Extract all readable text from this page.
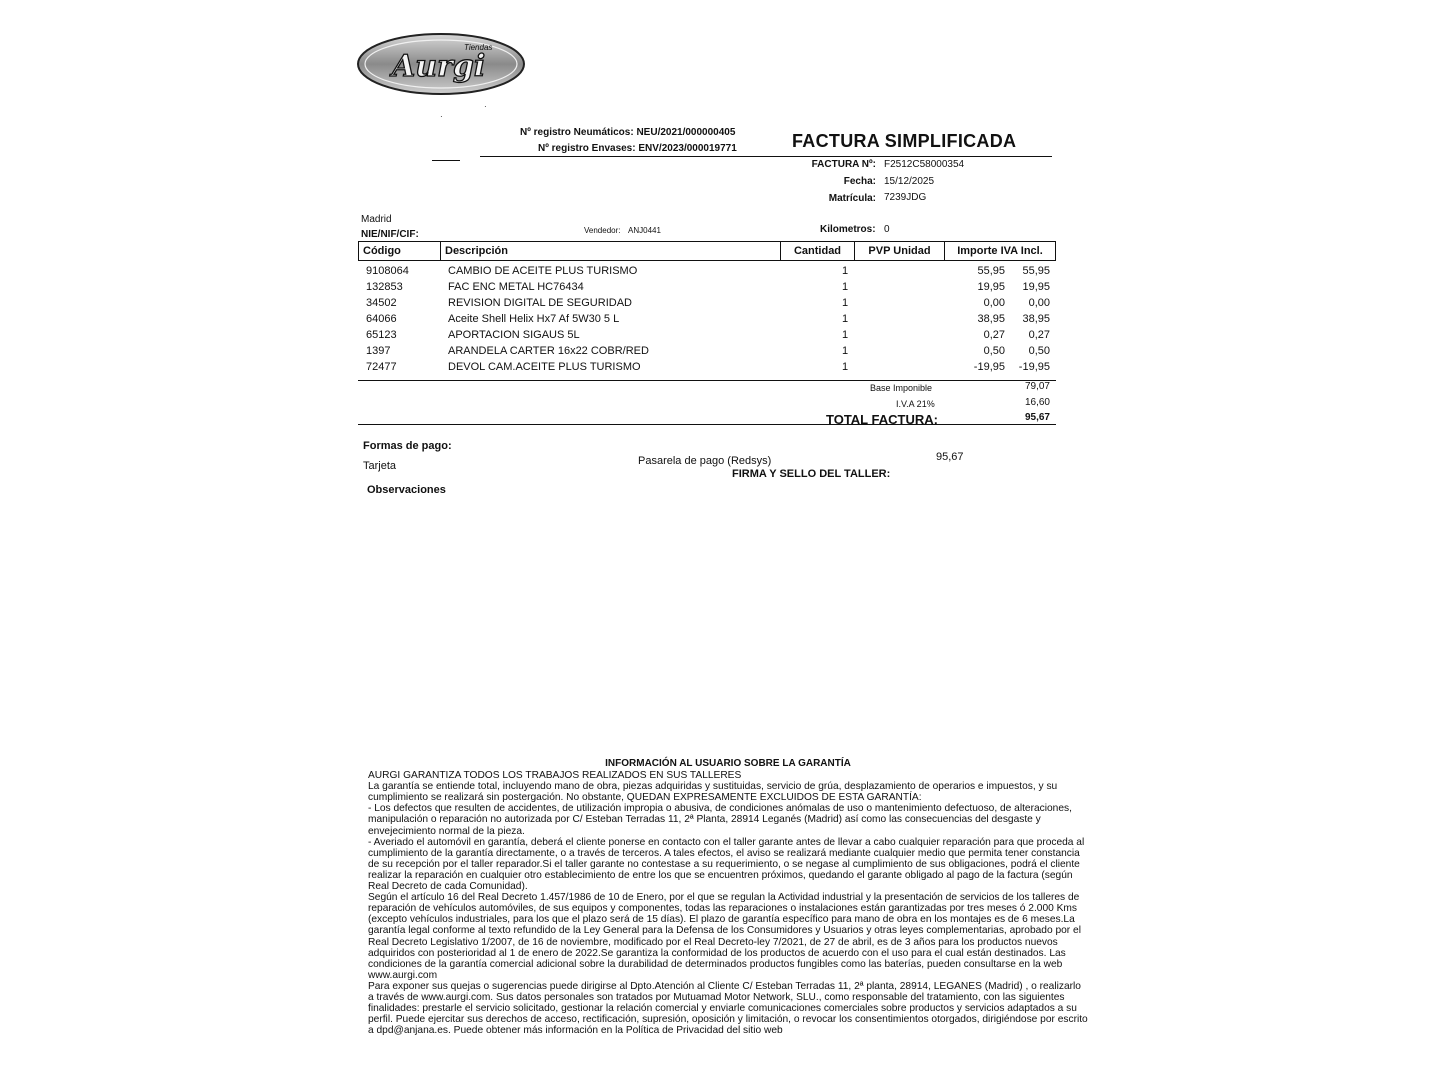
Tiendas
Aurgi
·
·
Nº registro Neumáticos: NEU/2021/000000405
Nº registro Envases: ENV/2023/000019771	FACTURA SIMPLIFICADA
FACTURA Nº: F2512C58000354
Fecha: 15/12/2025
Matrícula: 7239JDG
Madrid
NIE/NIF/CIF:	Vendedor: ANJ0441	Kilometros: 0
Código	Descripción	Cantidad	PVP Unidad	Importe IVA Incl.
9108064	CAMBIO DE ACEITE PLUS TURISMO	1	55,95	55,95
132853	FAC ENC METAL HC76434	1	19,95	19,95
34502	REVISION DIGITAL DE SEGURIDAD	1	0,00	0,00
64066	Aceite Shell Helix Hx7 Af 5W30 5 L	1	38,95	38,95
65123	APORTACION SIGAUS 5L	1	0,27	0,27
1397	ARANDELA CARTER 16x22 COBR/RED	1	0,50	0,50
72477	DEVOL CAM.ACEITE PLUS TURISMO	1	-19,95	-19,95
Base Imponible	79,07
I.V.A 21%	16,60
TOTAL FACTURA:	95,67
Formas de pago:
Tarjeta	Pasarela de pago (Redsys)	95,67
FIRMA Y SELLO DEL TALLER:
Observaciones
INFORMACIÓN AL USUARIO SOBRE LA GARANTÍA

AURGI GARANTIZA TODOS LOS TRABAJOS REALIZADOS EN SUS TALLERES
La garantía se entiende total, incluyendo mano de obra, piezas adquiridas y sustituidas, servicio de grúa, desplazamiento de operarios e impuestos, y su cumplimiento se realizará sin postergación. No obstante, QUEDAN EXPRESAMENTE EXCLUIDOS DE ESTA GARANTÍA:
- Los defectos que resulten de accidentes, de utilización impropia o abusiva, de condiciones anómalas de uso o mantenimiento defectuoso, de alteraciones, manipulación o reparación no autorizada por C/ Esteban Terradas 11, 2ª Planta, 28914 Leganés (Madrid) así como las consecuencias del desgaste y envejecimiento normal de la pieza.
- Averiado el automóvil en garantía, deberá el cliente ponerse en contacto con el taller garante antes de llevar a cabo cualquier reparación para que proceda al cumplimiento de la garantía directamente, o a través de terceros. A tales efectos, el aviso se realizará mediante cualquier medio que permita tener constancia de su recepción por el taller reparador.Si el taller garante no contestase a su requerimiento, o se negase al cumplimiento de sus obligaciones, podrá el cliente realizar la reparación en cualquier otro establecimiento de entre los que se encuentren próximos, quedando el garante obligado al pago de la factura (según Real Decreto de cada Comunidad).
Según el artículo 16 del Real Decreto 1.457/1986 de 10 de Enero, por el que se regulan la Actividad industrial y la presentación de servicios de los talleres de reparación de vehículos automóviles, de sus equipos y componentes, todas las reparaciones o instalaciones están garantizadas por tres meses ó 2.000 Kms (excepto vehículos industriales, para los que el plazo será de 15 días). El plazo de garantía específico para mano de obra en los montajes es de 6 meses.La garantía legal conforme al texto refundido de la Ley General para la Defensa de los Consumidores y Usuarios y otras leyes complementarias, aprobado por el Real Decreto Legislativo 1/2007, de 16 de noviembre, modificado por el Real Decreto-ley 7/2021, de 27 de abril, es de 3 años para los productos nuevos adquiridos con posterioridad al 1 de enero de 2022.Se garantiza la conformidad de los productos de acuerdo con el uso para el cual están destinados. Las condiciones de la garantía comercial adicional sobre la durabilidad de determinados productos fungibles como las baterías, pueden consultarse en la web www.aurgi.com
Para exponer sus quejas o sugerencias puede dirigirse al Dpto.Atención al Cliente C/ Esteban Terradas 11, 2ª planta, 28914, LEGANES (Madrid) , o realizarlo a través de www.aurgi.com. Sus datos personales son tratados por Mutuamad Motor Network, SLU., como responsable del tratamiento, con las siguientes finalidades: prestarle el servicio solicitado, gestionar la relación comercial y enviarle comunicaciones comerciales sobre productos y servicios adaptados a su perfil. Puede ejercitar sus derechos de acceso, rectificación, supresión, oposición y limitación, o revocar los consentimientos otorgados, dirigiéndose por escrito a dpd@anjana.es. Puede obtener más información en la Política de Privacidad del sitio web
